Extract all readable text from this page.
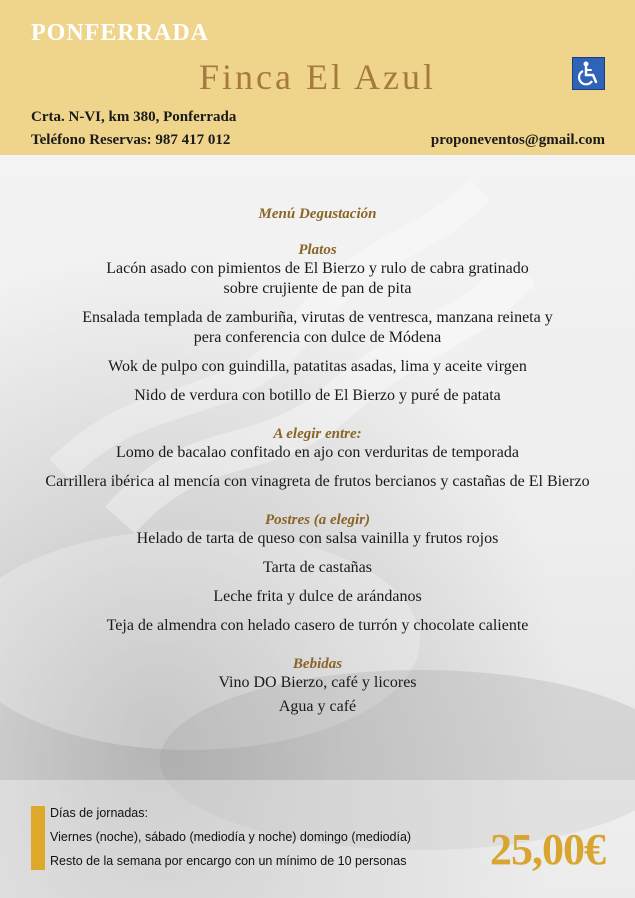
PONFERRADA
Finca El Azul
Crta. N-VI, km 380, Ponferrada
Teléfono Reservas: 987 417 012	proponeventos@gmail.com
Menú Degustación
Platos
Lacón asado con pimientos de El Bierzo y rulo de cabra gratinado
sobre crujiente de pan de pita
Ensalada templada de zamburiña, virutas de ventresca, manzana reineta y
pera conferencia con dulce de Módena
Wok de pulpo con guindilla, patatitas asadas, lima y aceite virgen
Nido de verdura con botillo de El Bierzo y puré de patata
A elegir entre:
Lomo de bacalao confitado en ajo con verduritas de temporada
Carrillera ibérica al mencía con vinagreta de frutos bercianos y castañas de El Bierzo
Postres (a elegir)
Helado de tarta de queso con salsa vainilla y frutos rojos
Tarta de castañas
Leche frita y dulce de arándanos
Teja de almendra con helado casero de turrón y chocolate caliente
Bebidas
Vino DO Bierzo, café y licores
Agua y café
Días de jornadas:
Viernes (noche), sábado (mediodía y noche) domingo (mediodía)
Resto de la semana por encargo con un mínimo de 10 personas 25,00€
